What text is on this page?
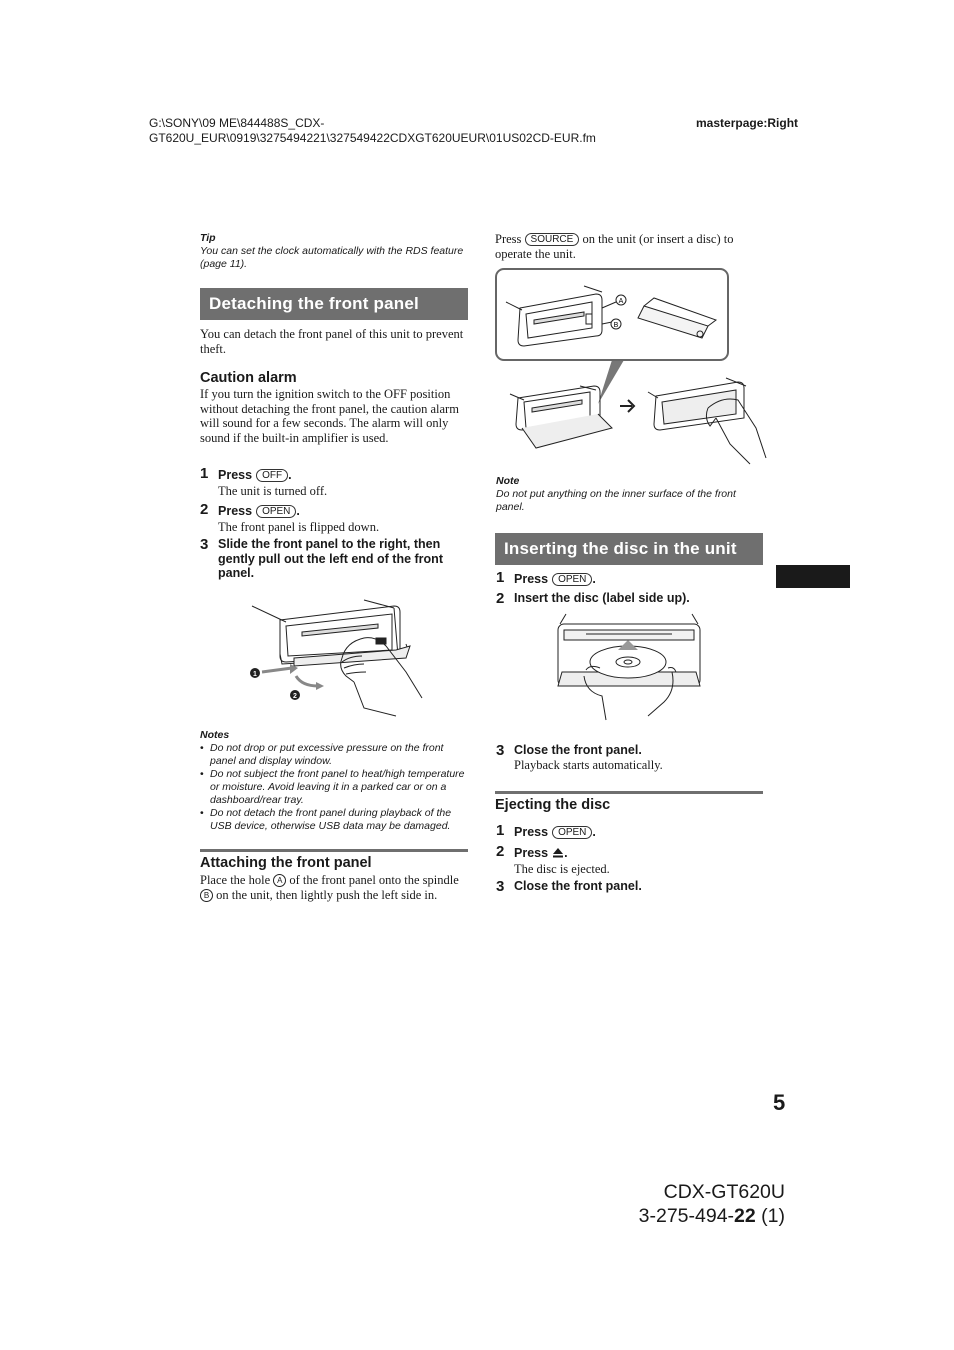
G:\SONY\09 ME\844488S_CDX-
GT620U_EUR\0919\3275494221\327549422CDXGT620UEUR\01US02CD-EUR.fm
masterpage:Right
Tip
You can set the clock automatically with the RDS feature (page 11).
Detaching the front panel
You can detach the front panel of this unit to prevent theft.
Caution alarm
If you turn the ignition switch to the OFF position without detaching the front panel, the caution alarm will sound for a few seconds. The alarm will only sound if the built-in amplifier is used.
1 Press OFF .
The unit is turned off.
2 Press OPEN .
The front panel is flipped down.
3 Slide the front panel to the right, then gently pull out the left end of the front panel.
1
2
Notes
• Do not drop or put excessive pressure on the front panel and display window.
• Do not subject the front panel to heat/high temperature or moisture. Avoid leaving it in a parked car or on a dashboard/rear tray.
• Do not detach the front panel during playback of the USB device, otherwise USB data may be damaged.
Attaching the front panel
Place the hole A of the front panel onto the spindle B on the unit, then lightly push the left side in.
Press SOURCE on the unit (or insert a disc) to operate the unit.
A
B
Note
Do not put anything on the inner surface of the front panel.
Inserting the disc in the unit
1 Press OPEN .
2 Insert the disc (label side up).
3 Close the front panel.
Playback starts automatically.
Ejecting the disc
1 Press OPEN .
2 Press .
The disc is ejected.
3 Close the front panel.
5
CDX-GT620U
3-275-494-22 (1)
